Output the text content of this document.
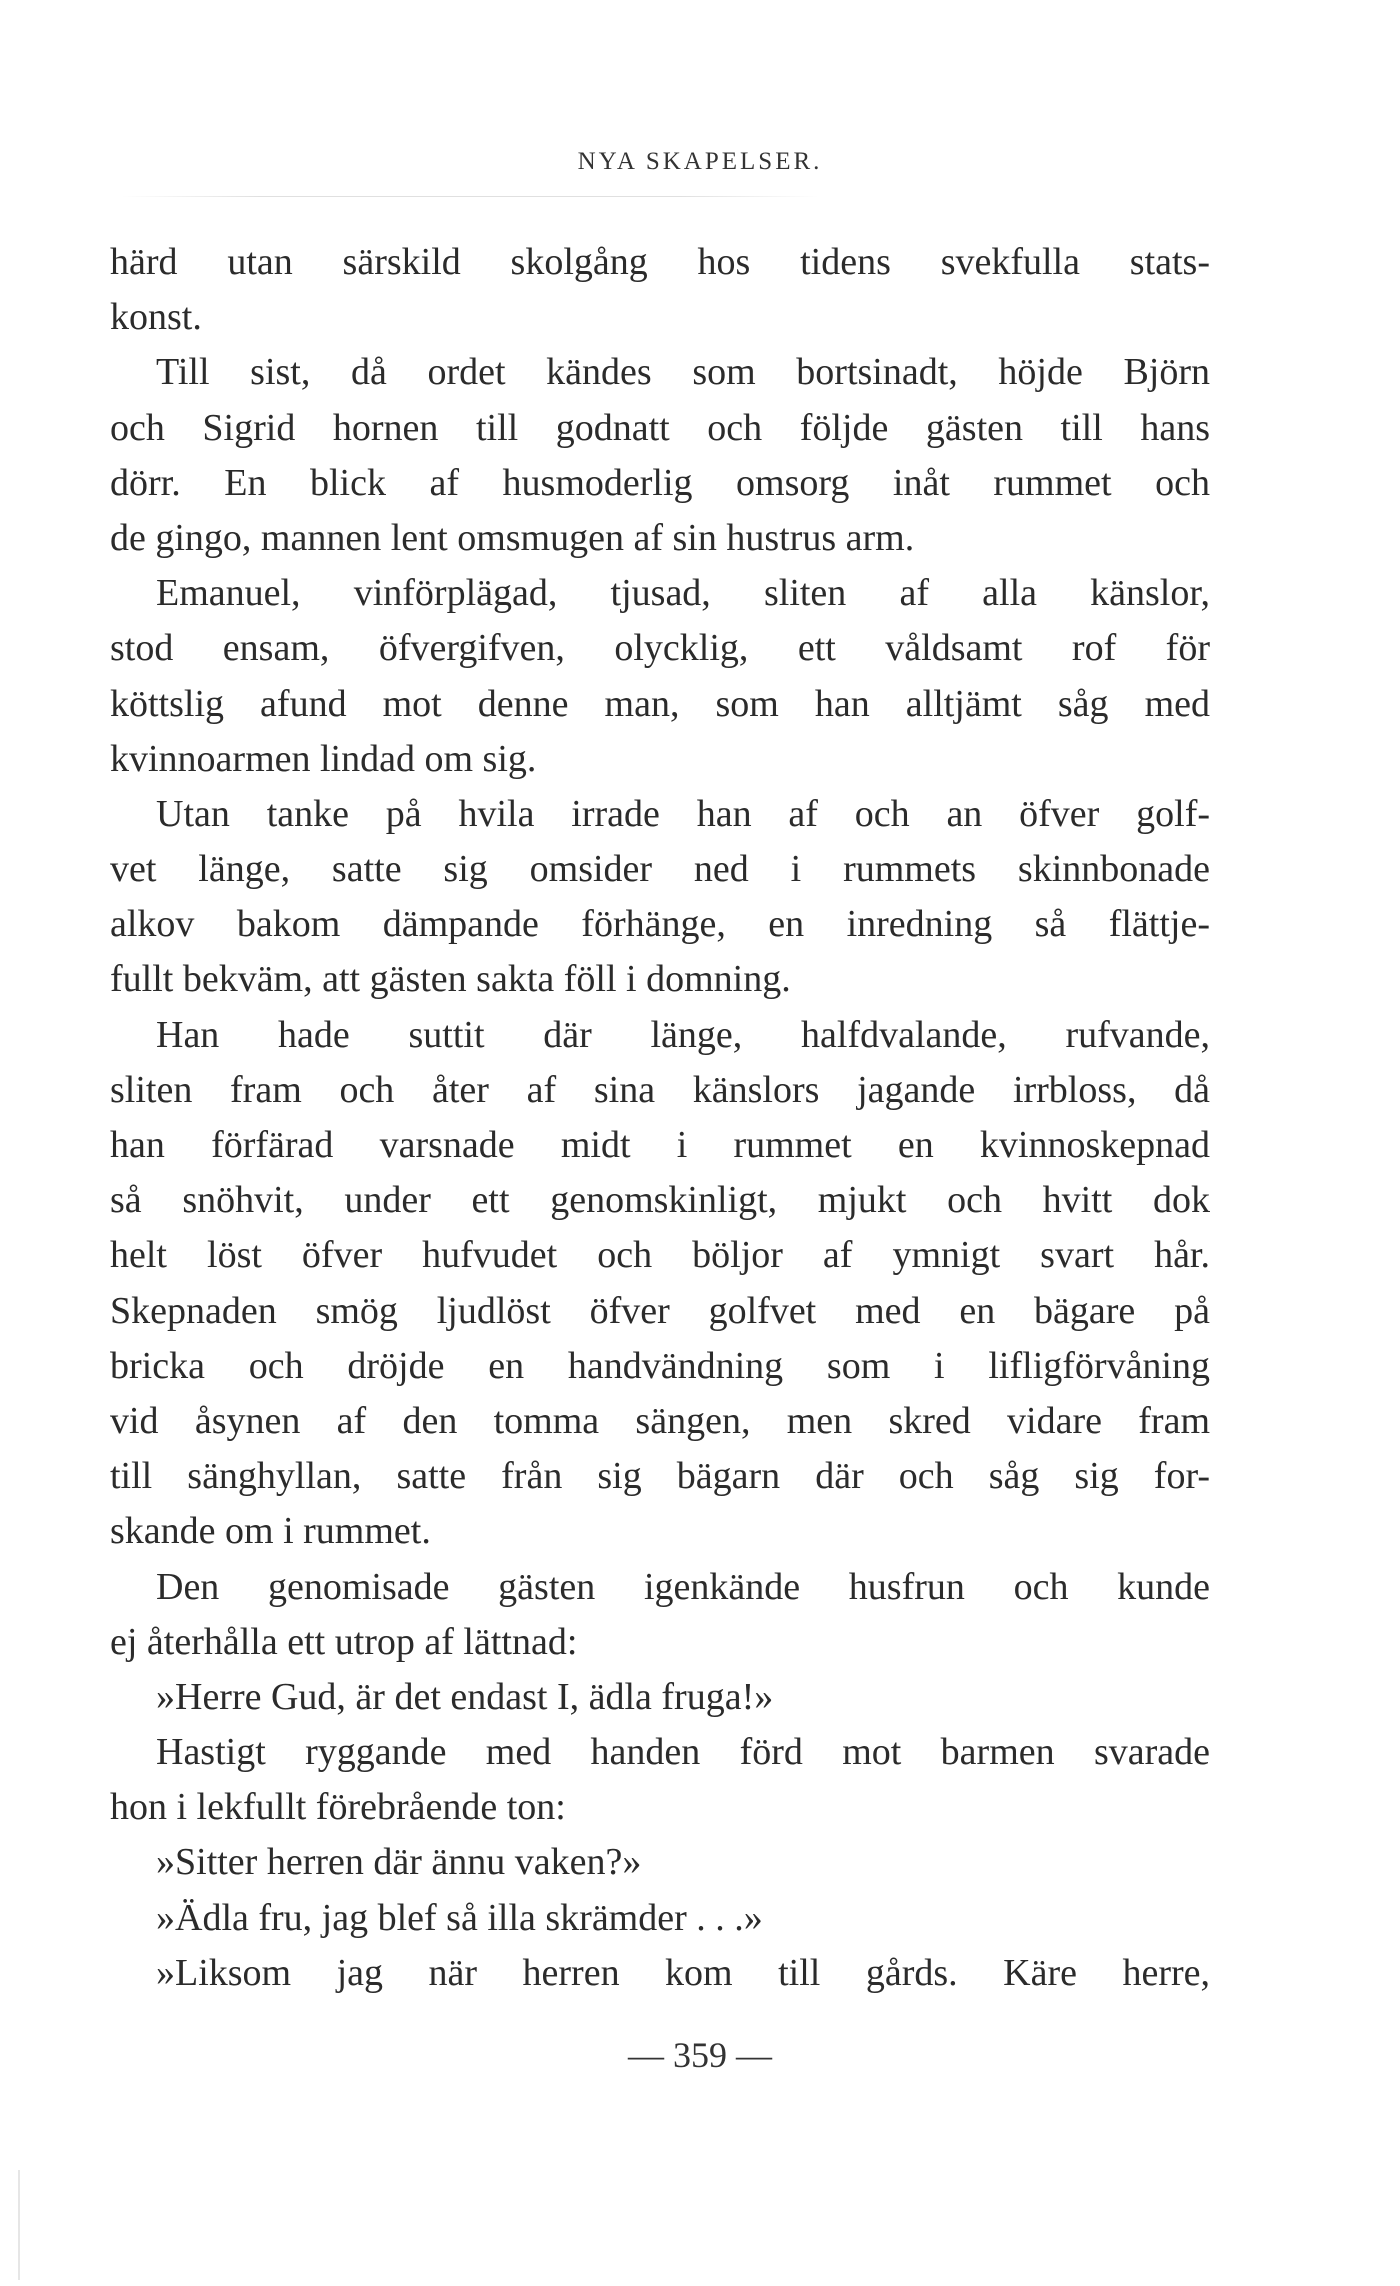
NYA SKAPELSER.
härd utan särskild skolgång hos tidens svekfulla stats-
konst.
Till sist, då ordet kändes som bortsinadt, höjde Björn
och Sigrid hornen till godnatt och följde gästen till hans
dörr. En blick af husmoderlig omsorg inåt rummet och
de gingo, mannen lent omsmugen af sin hustrus arm.
Emanuel, vinförplägad, tjusad, sliten af alla känslor,
stod ensam, öfvergifven, olycklig, ett våldsamt rof för
köttslig afund mot denne man, som han alltjämt såg med
kvinnoarmen lindad om sig.
Utan tanke på hvila irrade han af och an öfver golf-
vet länge, satte sig omsider ned i rummets skinnbonade
alkov bakom dämpande förhänge, en inredning så flättje-
fullt bekväm, att gästen sakta föll i domning.
Han hade suttit där länge, halfdvalande, rufvande,
sliten fram och åter af sina känslors jagande irrbloss, då
han förfärad varsnade midt i rummet en kvinnoskepnad
så snöhvit, under ett genomskinligt, mjukt och hvitt dok
helt löst öfver hufvudet och böljor af ymnigt svart hår.
Skepnaden smög ljudlöst öfver golfvet med en bägare på
bricka och dröjde en handvändning som i lifligförvåning
vid åsynen af den tomma sängen, men skred vidare fram
till sänghyllan, satte från sig bägarn där och såg sig for-
skande om i rummet.
Den genomisade gästen igenkände husfrun och kunde
ej återhålla ett utrop af lättnad:
»Herre Gud, är det endast I, ädla fruga!»
Hastigt ryggande med handen förd mot barmen svarade
hon i lekfullt förebrående ton:
»Sitter herren där ännu vaken?»
»Ädla fru, jag blef så illa skrämder . . .»
»Liksom jag när herren kom till gårds. Käre herre,
— 359 —
